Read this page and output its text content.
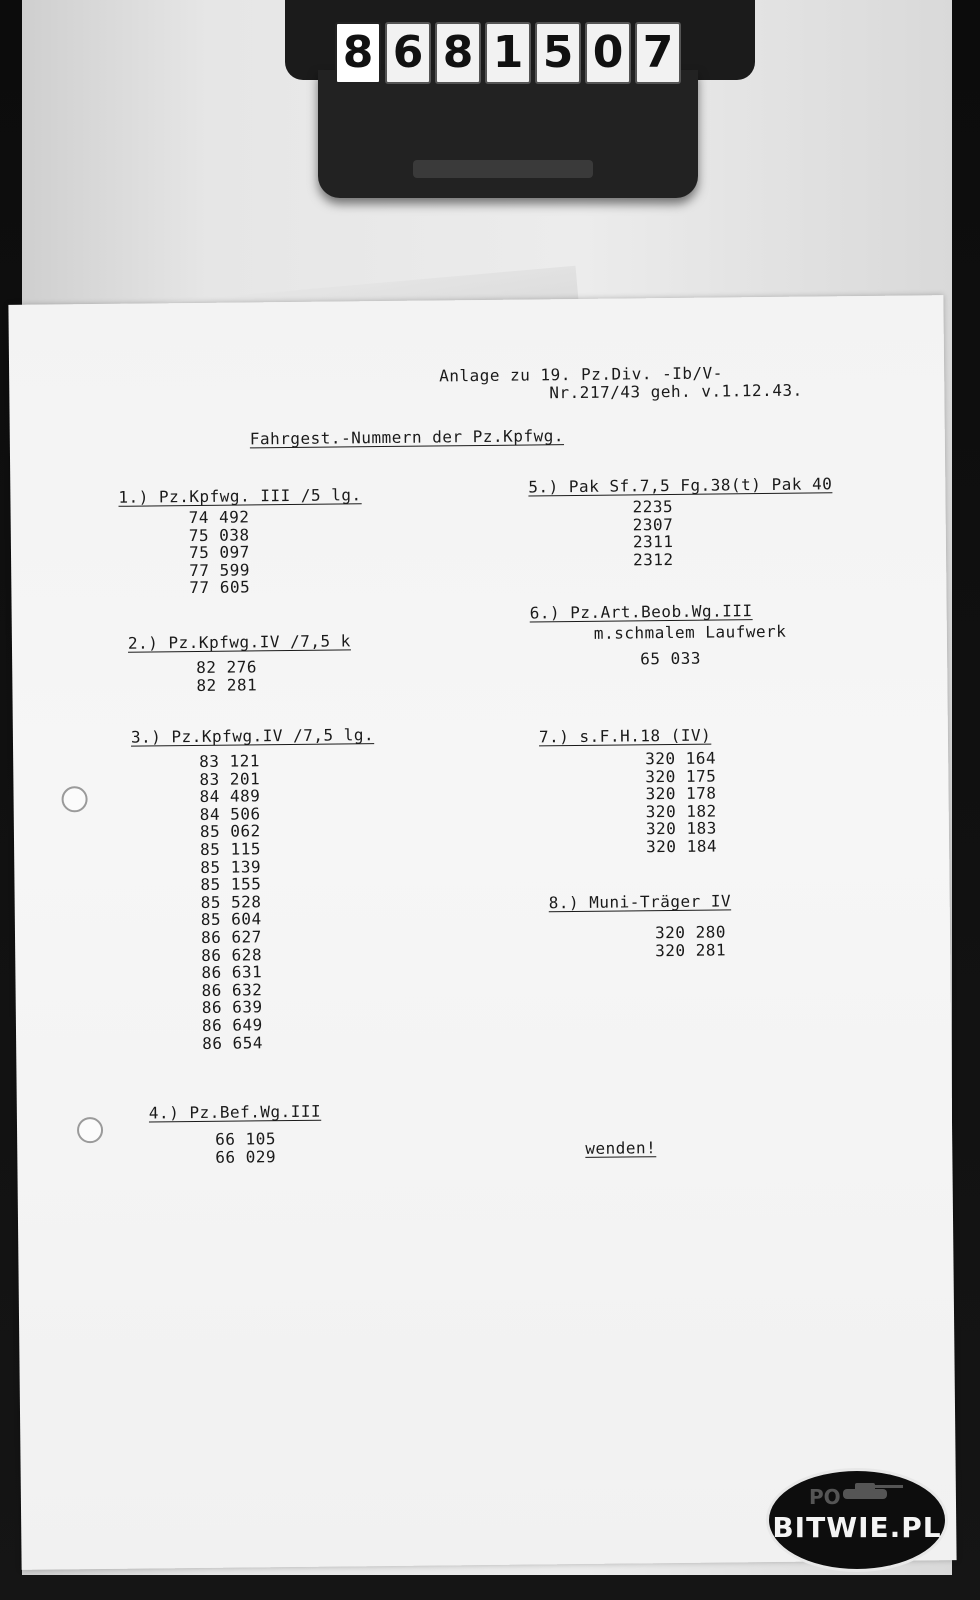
8 6 8 1 5 0 7
Anlage zu 19. Pz.Div. -Ib/V-
Nr.217/43 geh. v.1.12.43.
Fahrgest.-Nummern der Pz.Kpfwg.
1.) Pz.Kpfwg. III /5 lg.
74 492
75 038
75 097
77 599
77 605
2.) Pz.Kpfwg.IV /7,5 k
82 276
82 281
3.) Pz.Kpfwg.IV /7,5 lg.
83 121
83 201
84 489
84 506
85 062
85 115
85 139
85 155
85 528
85 604
86 627
86 628
86 631
86 632
86 639
86 649
86 654
4.) Pz.Bef.Wg.III
66 105
66 029
5.) Pak Sf.7,5 Fg.38(t) Pak 40
2235
2307
2311
2312
6.) Pz.Art.Beob.Wg.III
m.schmalem Laufwerk
65 033
7.) s.F.H.18 (IV)
320 164
320 175
320 178
320 182
320 183
320 184
8.) Muni-Träger IV
320 280
320 281
wenden!
PO
BITWIE.PL
